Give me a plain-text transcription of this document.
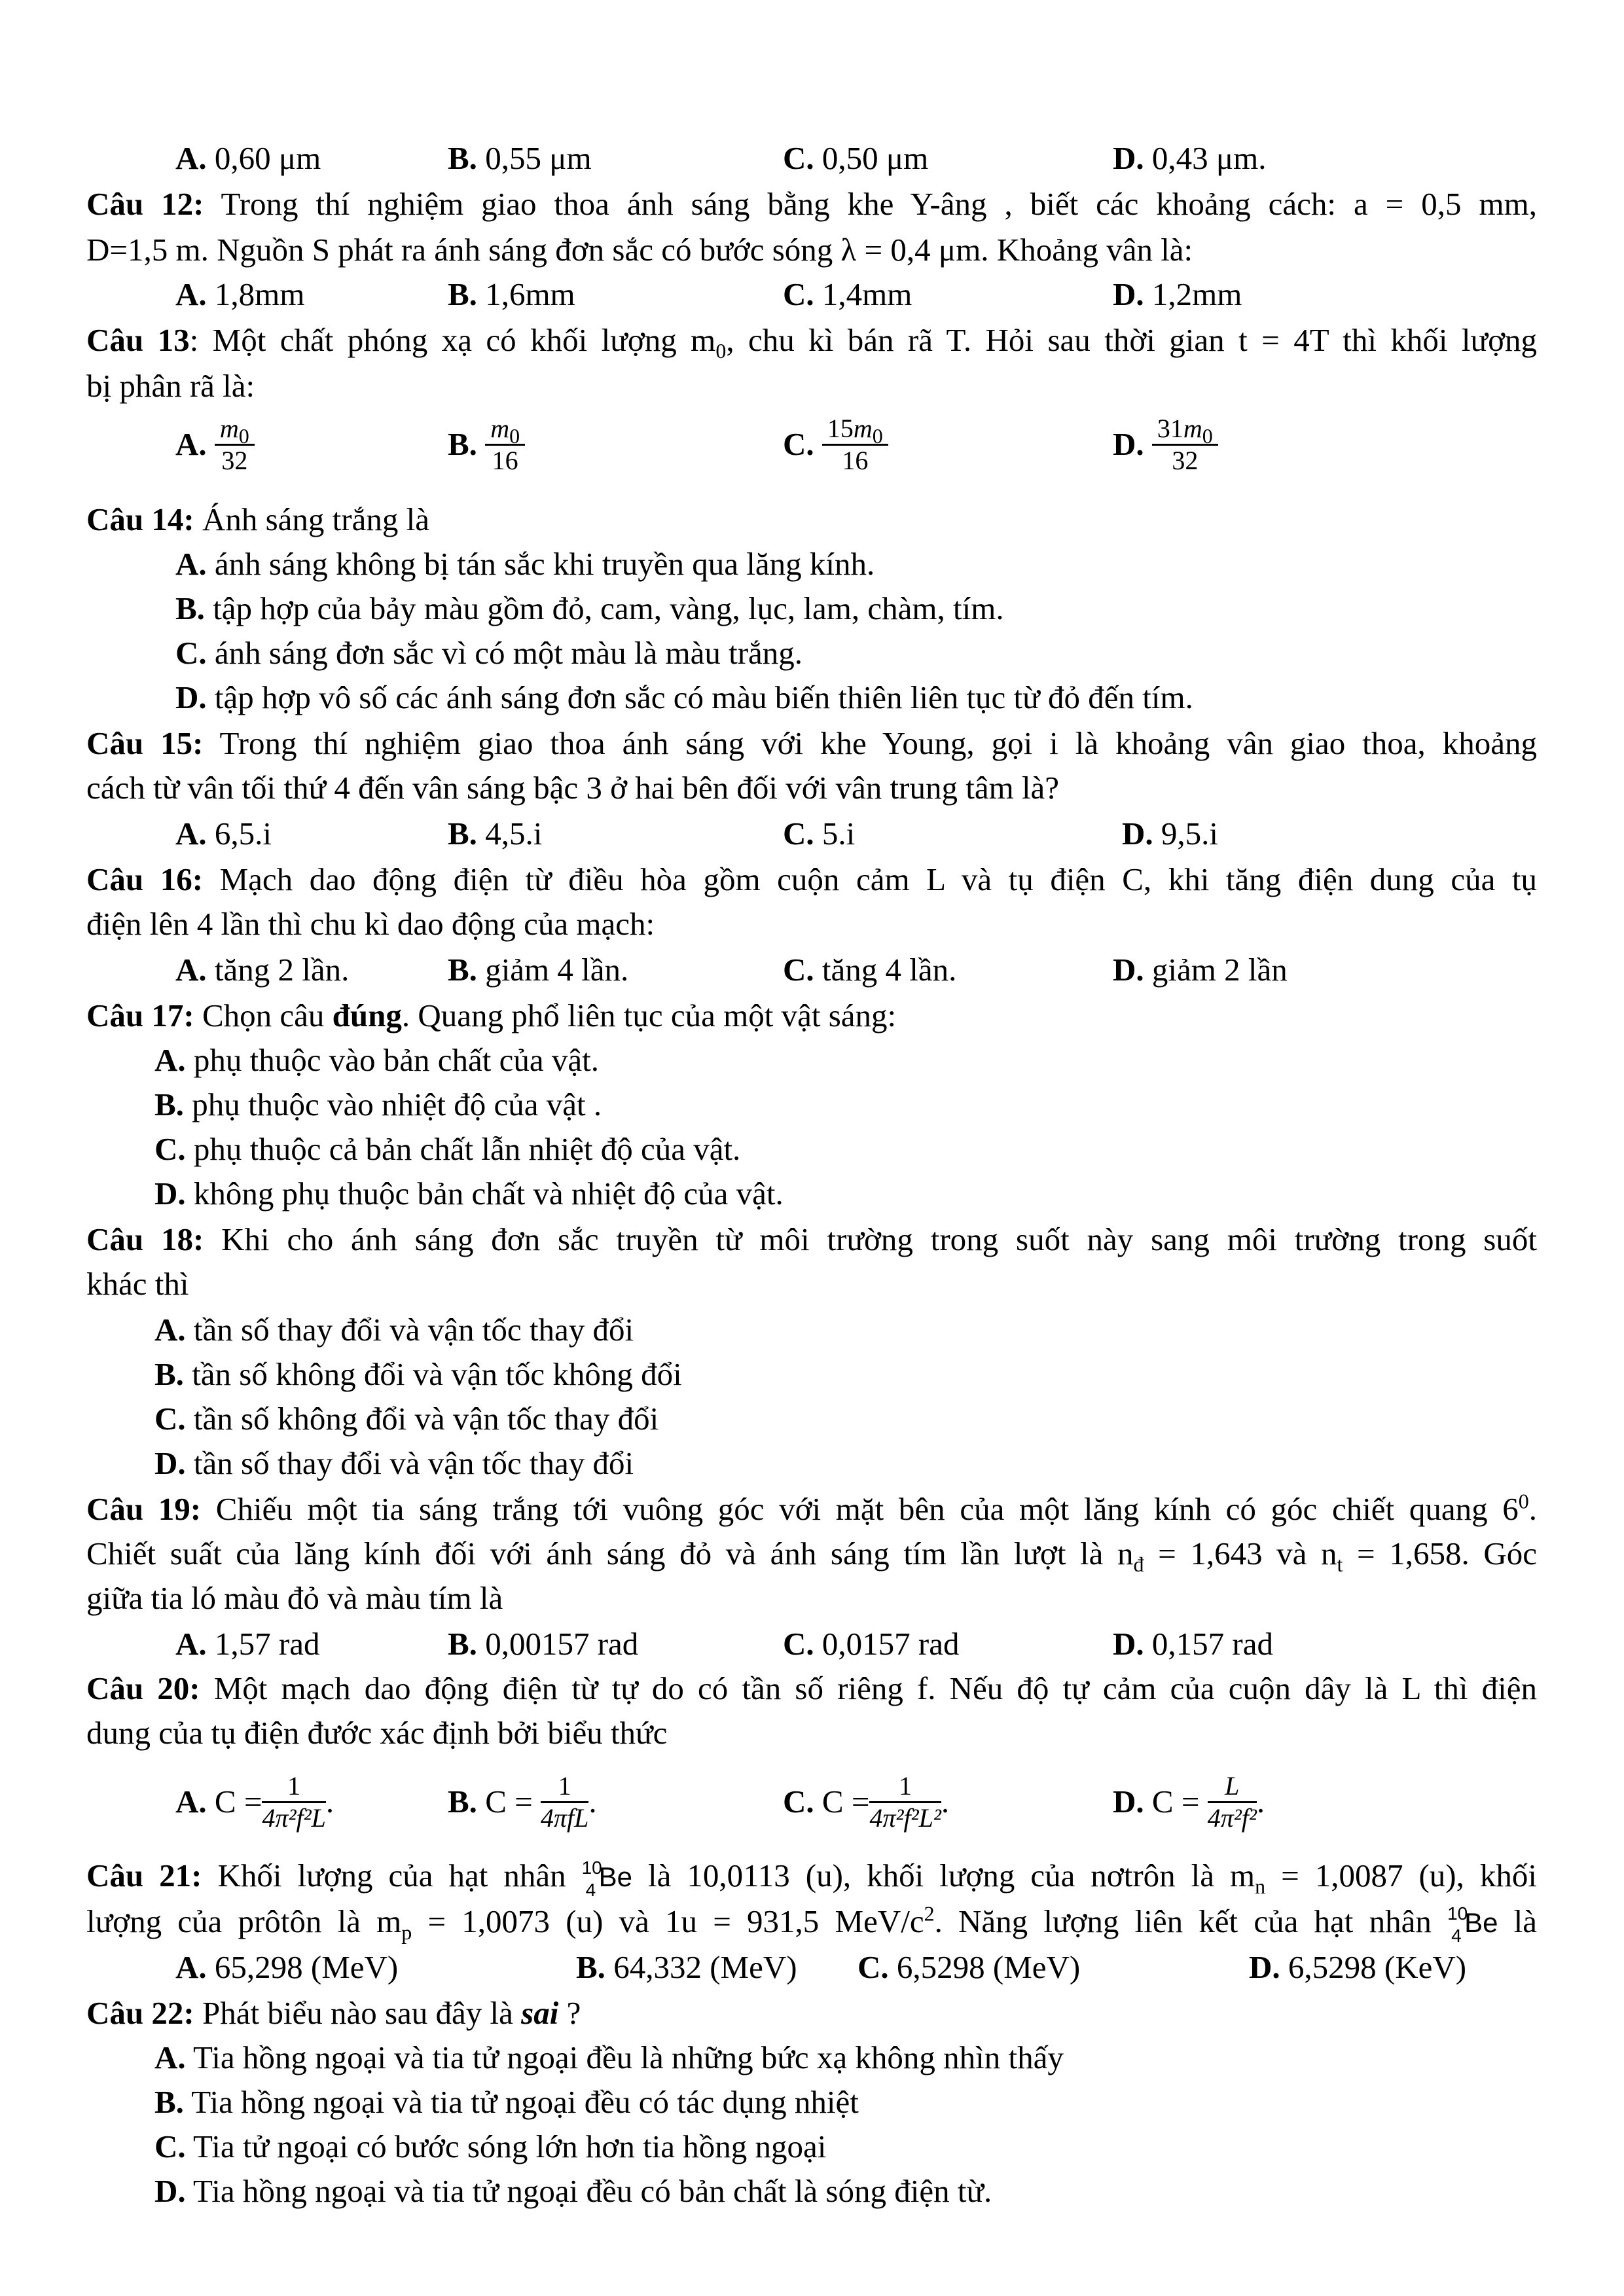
A. 0,60 μm	B. 0,55 μm	C. 0,50 μm	D. 0,43 μm.
Câu 12: Trong thí nghiệm giao thoa ánh sáng bằng khe Y-âng , biết các khoảng cách: a = 0,5 mm,
D=1,5 m. Nguồn S phát ra ánh sáng đơn sắc có bước sóng λ = 0,4 μm. Khoảng vân là:
A. 1,8mm	B. 1,6mm	C. 1,4mm	D. 1,2mm
Câu 13: Một chất phóng xạ có khối lượng $m_0$, chu kì bán rã T. Hỏi sau thời gian t = 4T thì khối lượng
bị phân rã là:
A. $\frac{m_0}{32}$	B. $\frac{m_0}{16}$	C. $\frac{15m_0}{16}$	D. $\frac{31m_0}{32}$
Câu 14: Ánh sáng trắng là
A. ánh sáng không bị tán sắc khi truyền qua lăng kính.
B. tập hợp của bảy màu gồm đỏ, cam, vàng, lục, lam, chàm, tím.
C. ánh sáng đơn sắc vì có một màu là màu trắng.
D. tập hợp vô số các ánh sáng đơn sắc có màu biến thiên liên tục từ đỏ đến tím.
Câu 15: Trong thí nghiệm giao thoa ánh sáng với khe Young, gọi i là khoảng vân giao thoa, khoảng
cách từ vân tối thứ 4 đến vân sáng bậc 3 ở hai bên đối với vân trung tâm là?
A. 6,5.i	B. 4,5.i	C. 5.i	D. 9,5.i
Câu 16: Mạch dao động điện từ điều hòa gồm cuộn cảm L và tụ điện C, khi tăng điện dung của tụ
điện lên 4 lần thì chu kì dao động của mạch:
A. tăng 2 lần.	B. giảm 4 lần.	C. tăng 4 lần.	D. giảm 2 lần
Câu 17: Chọn câu đúng. Quang phổ liên tục của một vật sáng:
A. phụ thuộc vào bản chất của vật.
B. phụ thuộc vào nhiệt độ của vật .
C. phụ thuộc cả bản chất lẫn nhiệt độ của vật.
D. không phụ thuộc bản chất và nhiệt độ của vật.
Câu 18: Khi cho ánh sáng đơn sắc truyền từ môi trường trong suốt này sang môi trường trong suốt
khác thì
A. tần số thay đổi và vận tốc thay đổi
B. tần số không đổi và vận tốc không đổi
C. tần số không đổi và vận tốc thay đổi
D. tần số thay đổi và vận tốc thay đổi
Câu 19: Chiếu một tia sáng trắng tới vuông góc với mặt bên của một lăng kính có góc chiết quang $6^0$.
Chiết suất của lăng kính đối với ánh sáng đỏ và ánh sáng tím lần lượt là $n_đ = 1,643$ và $n_t = 1,658$. Góc
giữa tia ló màu đỏ và màu tím là
A. 1,57 rad	B. 0,00157 rad	C. 0,0157 rad	D. 0,157 rad
Câu 20: Một mạch dao động điện từ tự do có tần số riêng f. Nếu độ tự cảm của cuộn dây là L thì điện
dung của tụ điện đước xác định bởi biểu thức
A. $C = \frac{1}{\text{4π²f²L}}$ .	B. $C = \frac{1}{\text{4πfL}}$ .	C. $C = \frac{1}{\text{4π²f²L²}}$ .	D. $C = \frac{L}{\text{4π²f²}}$ .
Câu 21: Khối lượng của hạt nhân 10
4 Be là 10,0113 (u), khối lượng của nơtrôn là $m_n = 1,0087$ (u), khối
lượng của prôtôn là $m_p = 1,0073$ (u) và 1u = 931,5 MeV/$c^2$. Năng lượng liên kết của hạt nhân 10
4 Be là
A. 65,298 (MeV)	B. 64,332 (MeV) C. 6,5298 (MeV)	D. 6,5298 (KeV)
Câu 22: Phát biểu nào sau đây là sai ?
A. Tia hồng ngoại và tia tử ngoại đều là những bức xạ không nhìn thấy
B. Tia hồng ngoại và tia tử ngoại đều có tác dụng nhiệt
C. Tia tử ngoại có bước sóng lớn hơn tia hồng ngoại
D. Tia hồng ngoại và tia tử ngoại đều có bản chất là sóng điện từ.
